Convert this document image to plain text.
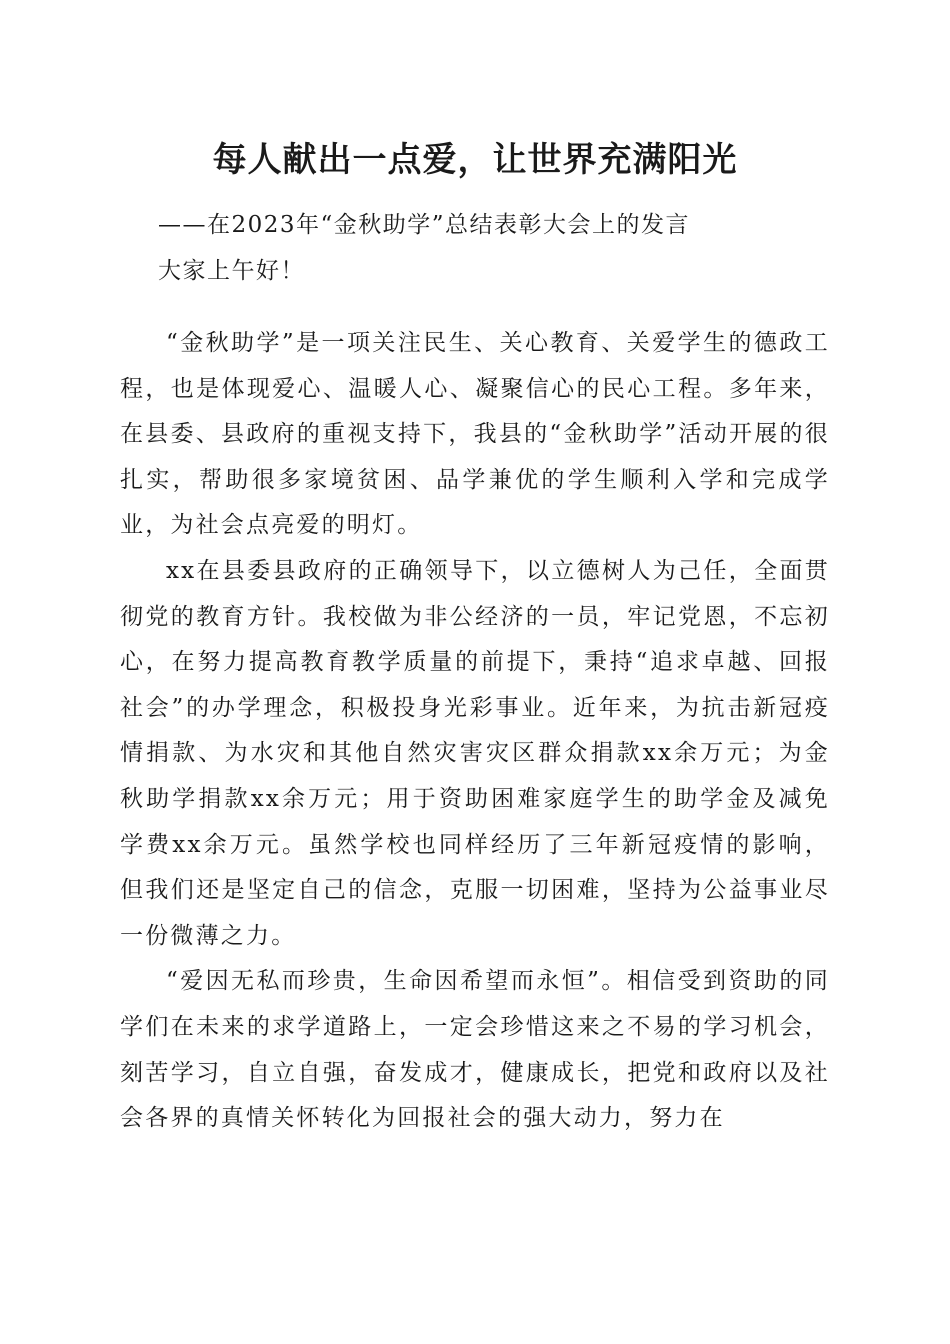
每人献出一点爱，让世界充满阳光

——在2023年“金秋助学”总结表彰大会上的发言

大家上午好！

“金秋助学”是一项关注民生、关心教育、关爱学生的德政工程，也是体现爱心、温暖人心、凝聚信心的民心工程。多年来，在县委、县政府的重视支持下，我县的“金秋助学”活动开展的很扎实，帮助很多家境贫困、品学兼优的学生顺利入学和完成学业，为社会点亮爱的明灯。

xx在县委县政府的正确领导下，以立德树人为己任，全面贯彻党的教育方针。我校做为非公经济的一员，牢记党恩，不忘初心，在努力提高教育教学质量的前提下，秉持“追求卓越、回报社会”的办学理念，积极投身光彩事业。近年来，为抗击新冠疫情捐款、为水灾和其他自然灾害灾区群众捐款xx余万元；为金秋助学捐款xx余万元；用于资助困难家庭学生的助学金及减免学费xx余万元。虽然学校也同样经历了三年新冠疫情的影响，但我们还是坚定自己的信念，克服一切困难，坚持为公益事业尽一份微薄之力。

“爱因无私而珍贵，生命因希望而永恒”。相信受到资助的同学们在未来的求学道路上，一定会珍惜这来之不易的学习机会，刻苦学习，自立自强，奋发成才，健康成长，把党和政府以及社会各界的真情关怀转化为回报社会的强大动力，努力在
